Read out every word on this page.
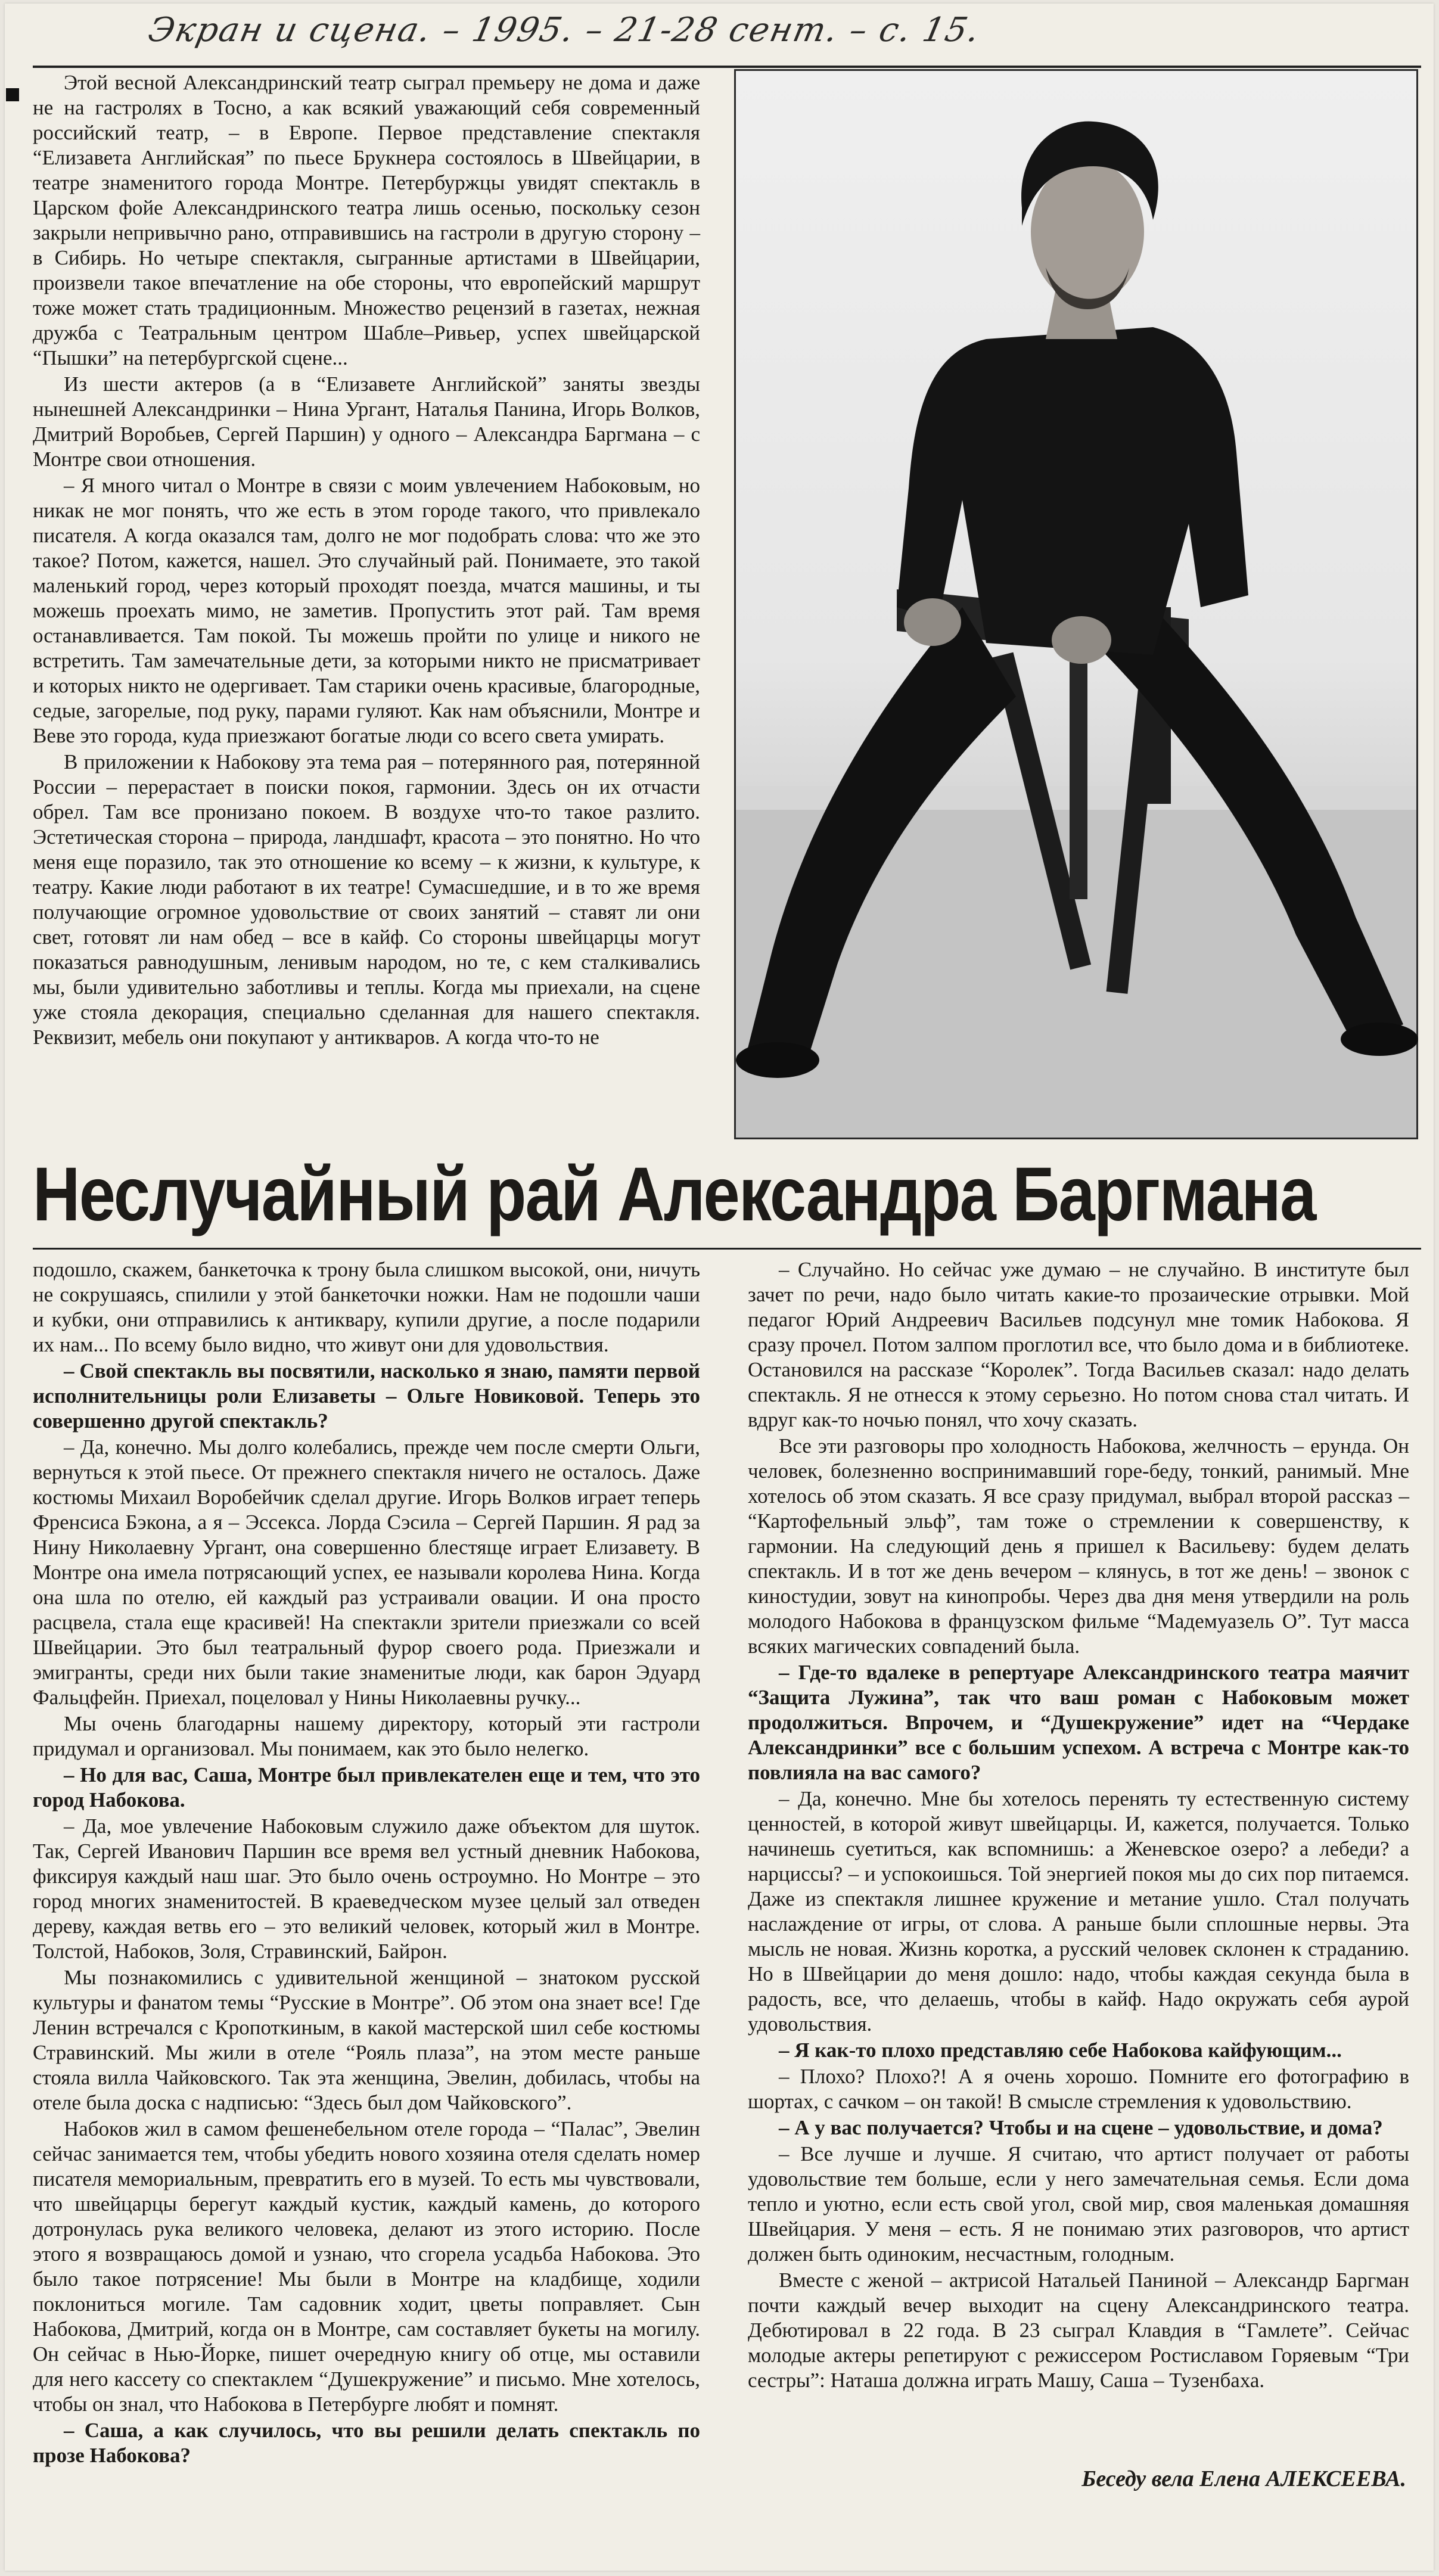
Экран и сцена. – 1995. – 21-28 сент. – с. 15.

Этой весной Александринский театр сыграл премьеру не дома и даже не на гастролях в Тосно, а как всякий уважающий себя современный российский театр, – в Европе. Первое представление спектакля “Елизавета Английская” по пьесе Брукнера состоялось в Швейцарии, в театре знаменитого города Монтре. Петербуржцы увидят спектакль в Царском фойе Александринского театра лишь осенью, поскольку сезон закрыли непривычно рано, отправившись на гастроли в другую сторону – в Сибирь. Но четыре спектакля, сыгранные артистами в Швейцарии, произвели такое впечатление на обе стороны, что европейский маршрут тоже может стать традиционным. Множество рецензий в газетах, нежная дружба с Театральным центром Шабле–Ривьер, успех швейцарской “Пышки” на петербургской сцене...

Из шести актеров (а в “Елизавете Английской” заняты звезды нынешней Александринки – Нина Ургант, Наталья Панина, Игорь Волков, Дмитрий Воробьев, Сергей Паршин) у одного – Александра Баргмана – с Монтре свои отношения.

– Я много читал о Монтре в связи с моим увлечением Набоковым, но никак не мог понять, что же есть в этом городе такого, что привлекало писателя. А когда оказался там, долго не мог подобрать слова: что же это такое? Потом, кажется, нашел. Это случайный рай. Понимаете, это такой маленький город, через который проходят поезда, мчатся машины, и ты можешь проехать мимо, не заметив. Пропустить этот рай. Там время останавливается. Там покой. Ты можешь пройти по улице и никого не встретить. Там замечательные дети, за которыми никто не присматривает и которых никто не одергивает. Там старики очень красивые, благородные, седые, загорелые, под руку, парами гуляют. Как нам объяснили, Монтре и Веве это города, куда приезжают богатые люди со всего света умирать.

В приложении к Набокову эта тема рая – потерянного рая, потерянной России – перерастает в поиски покоя, гармонии. Здесь он их отчасти обрел. Там все пронизано покоем. В воздухе что-то такое разлито. Эстетическая сторона – природа, ландшафт, красота – это понятно. Но что меня еще поразило, так это отношение ко всему – к жизни, к культуре, к театру. Какие люди работают в их театре! Сумасшедшие, и в то же время получающие огромное удовольствие от своих занятий – ставят ли они свет, готовят ли нам обед – все в кайф. Со стороны швейцарцы могут показаться равнодушным, ленивым народом, но те, с кем сталкивались мы, были удивительно заботливы и теплы. Когда мы приехали, на сцене уже стояла декорация, специально сделанная для нашего спектакля. Реквизит, мебель они покупают у антикваров. А когда что-то не

Неслучайный рай Александра Баргмана

подошло, скажем, банкеточка к трону была слишком высокой, они, ничуть не сокрушаясь, спилили у этой банкеточки ножки. Нам не подошли чаши и кубки, они отправились к антиквару, купили другие, а после подарили их нам... По всему было видно, что живут они для удовольствия.

– Свой спектакль вы посвятили, насколько я знаю, памяти первой исполнительницы роли Елизаветы – Ольге Новиковой. Теперь это совершенно другой спектакль?

– Да, конечно. Мы долго колебались, прежде чем после смерти Ольги, вернуться к этой пьесе. От прежнего спектакля ничего не осталось. Даже костюмы Михаил Воробейчик сделал другие. Игорь Волков играет теперь Френсиса Бэкона, а я – Эссекса. Лорда Сэсила – Сергей Паршин. Я рад за Нину Николаевну Ургант, она совершенно блестяще играет Елизавету. В Монтре она имела потрясающий успех, ее называли королева Нина. Когда она шла по отелю, ей каждый раз устраивали овации. И она просто расцвела, стала еще красивей! На спектакли зрители приезжали со всей Швейцарии. Это был театральный фурор своего рода. Приезжали и эмигранты, среди них были такие знаменитые люди, как барон Эдуард Фальцфейн. Приехал, поцеловал у Нины Николаевны ручку...

Мы очень благодарны нашему директору, который эти гастроли придумал и организовал. Мы понимаем, как это было нелегко.

– Но для вас, Саша, Монтре был привлекателен еще и тем, что это город Набокова.

– Да, мое увлечение Набоковым служило даже объектом для шуток. Так, Сергей Иванович Паршин все время вел устный дневник Набокова, фиксируя каждый наш шаг. Это было очень остроумно. Но Монтре – это город многих знаменитостей. В краеведческом музее целый зал отведен дереву, каждая ветвь его – это великий человек, который жил в Монтре. Толстой, Набоков, Золя, Стравинский, Байрон.

Мы познакомились с удивительной женщиной – знатоком русской культуры и фанатом темы “Русские в Монтре”. Об этом она знает все! Где Ленин встречался с Кропоткиным, в какой мастерской шил себе костюмы Стравинский. Мы жили в отеле “Рояль плаза”, на этом месте раньше стояла вилла Чайковского. Так эта женщина, Эвелин, добилась, чтобы на отеле была доска с надписью: “Здесь был дом Чайковского”.

Набоков жил в самом фешенебельном отеле города – “Палас”, Эвелин сейчас занимается тем, чтобы убедить нового хозяина отеля сделать номер писателя мемориальным, превратить его в музей. То есть мы чувствовали, что швейцарцы берегут каждый кустик, каждый камень, до которого дотронулась рука великого человека, делают из этого историю. После этого я возвращаюсь домой и узнаю, что сгорела усадьба Набокова. Это было такое потрясение! Мы были в Монтре на кладбище, ходили поклониться могиле. Там садовник ходит, цветы поправляет. Сын Набокова, Дмитрий, когда он в Монтре, сам составляет букеты на могилу. Он сейчас в Нью-Йорке, пишет очередную книгу об отце, мы оставили для него кассету со спектаклем “Душекружение” и письмо. Мне хотелось, чтобы он знал, что Набокова в Петербурге любят и помнят.

– Саша, а как случилось, что вы решили делать спектакль по прозе Набокова?

– Случайно. Но сейчас уже думаю – не случайно. В институте был зачет по речи, надо было читать какие-то прозаические отрывки. Мой педагог Юрий Андреевич Васильев подсунул мне томик Набокова. Я сразу прочел. Потом залпом проглотил все, что было дома и в библиотеке. Остановился на рассказе “Королек”. Тогда Васильев сказал: надо делать спектакль. Я не отнесся к этому серьезно. Но потом снова стал читать. И вдруг как-то ночью понял, что хочу сказать.

Все эти разговоры про холодность Набокова, желчность – ерунда. Он человек, болезненно воспринимавший горе-беду, тонкий, ранимый. Мне хотелось об этом сказать. Я все сразу придумал, выбрал второй рассказ – “Картофельный эльф”, там тоже о стремлении к совершенству, к гармонии. На следующий день я пришел к Васильеву: будем делать спектакль. И в тот же день вечером – клянусь, в тот же день! – звонок с киностудии, зовут на кинопробы. Через два дня меня утвердили на роль молодого Набокова в французском фильме “Мадемуазель О”. Тут масса всяких магических совпадений была.

– Где-то вдалеке в репертуаре Александринского театра маячит “Защита Лужина”, так что ваш роман с Набоковым может продолжиться. Впрочем, и “Душекружение” идет на “Чердаке Александринки” все с большим успехом. А встреча с Монтре как-то повлияла на вас самого?

– Да, конечно. Мне бы хотелось перенять ту естественную систему ценностей, в которой живут швейцарцы. И, кажется, получается. Только начинешь суетиться, как вспомнишь: а Женевское озеро? а лебеди? а нарциссы? – и успокоишься. Той энергией покоя мы до сих пор питаемся. Даже из спектакля лишнее кружение и метание ушло. Стал получать наслаждение от игры, от слова. А раньше были сплошные нервы. Эта мысль не новая. Жизнь коротка, а русский человек склонен к страданию. Но в Швейцарии до меня дошло: надо, чтобы каждая секунда была в радость, все, что делаешь, чтобы в кайф. Надо окружать себя аурой удовольствия.

– Я как-то плохо представляю себе Набокова кайфующим...

– Плохо? Плохо?! А я очень хорошо. Помните его фотографию в шортах, с сачком – он такой! В смысле стремления к удовольствию.

– А у вас получается? Чтобы и на сцене – удовольствие, и дома?

– Все лучше и лучше. Я считаю, что артист получает от работы удовольствие тем больше, если у него замечательная семья. Если дома тепло и уютно, если есть свой угол, свой мир, своя маленькая домашняя Швейцария. У меня – есть. Я не понимаю этих разговоров, что артист должен быть одиноким, несчастным, голодным.

Вместе с женой – актрисой Натальей Паниной – Александр Баргман почти каждый вечер выходит на сцену Александринского театра. Дебютировал в 22 года. В 23 сыграл Клавдия в “Гамлете”. Сейчас молодые актеры репетируют с режиссером Ростиславом Горяевым “Три сестры”: Наташа должна играть Машу, Саша – Тузенбаха.

Беседу вела Елена АЛЕКСЕЕВА.
